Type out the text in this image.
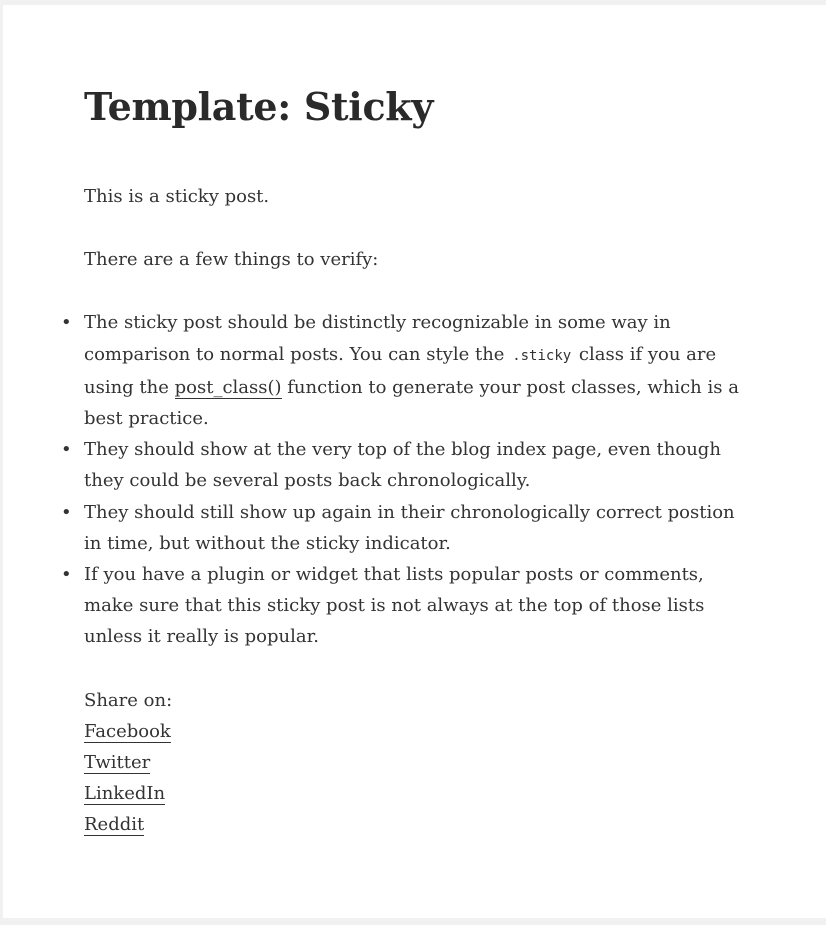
Template: Sticky

This is a sticky post.

There are a few things to verify:

• The sticky post should be distinctly recognizable in some way in comparison to normal posts. You can style the .sticky class if you are using the post_class() function to generate your post classes, which is a best practice.
• They should show at the very top of the blog index page, even though they could be several posts back chronologically.
• They should still show up again in their chronologically correct postion in time, but without the sticky indicator.
• If you have a plugin or widget that lists popular posts or comments, make sure that this sticky post is not always at the top of those lists unless it really is popular.
Share on:
Facebook
Twitter
LinkedIn
Reddit
